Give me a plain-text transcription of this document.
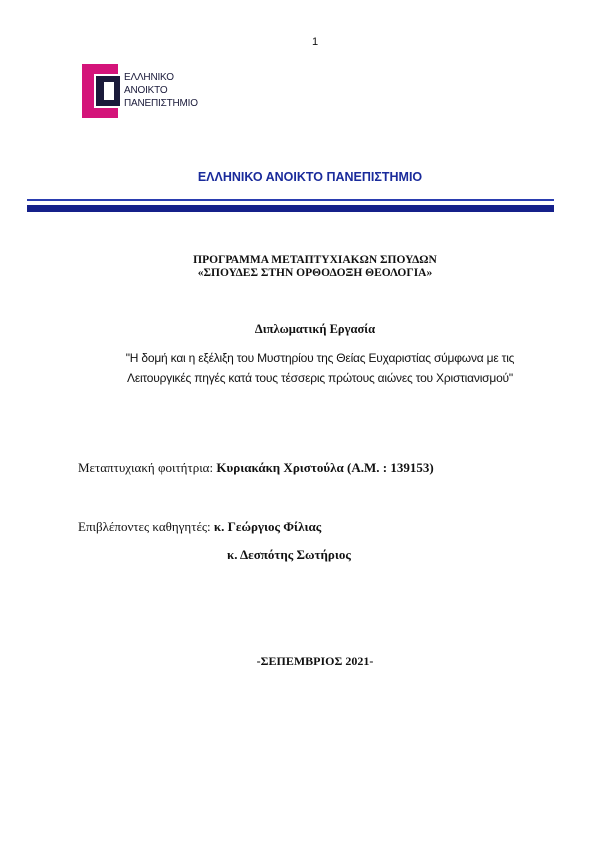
1
ΕΛΛΗΝΙΚΟ
ΑΝΟΙΚΤΟ
ΠΑΝΕΠΙΣΤΗΜΙΟ
ΕΛΛΗΝΙΚΟ ΑΝΟΙΚΤΟ ΠΑΝΕΠΙΣΤΗΜΙΟ
ΠΡΟΓΡΑΜΜΑ ΜΕΤΑΠΤΥΧΙΑΚΩΝ ΣΠΟΥΔΩΝ
«ΣΠΟΥΔΕΣ ΣΤΗΝ ΟΡΘΟΔΟΞΗ ΘΕΟΛΟΓΙΑ»
Διπλωματική Εργασία
"Η δομή και η εξέλιξη του Μυστηρίου της Θείας Ευχαριστίας σύμφωνα με τις
Λειτουργικές πηγές κατά τους τέσσερις πρώτους αιώνες του Χριστιανισμού"
Μεταπτυχιακή φοιτήτρια: Κυριακάκη Χριστούλα (Α.Μ. : 139153)
Επιβλέποντες καθηγητές: κ. Γεώργιος Φίλιας
κ. Δεσπότης Σωτήριος
-ΣΕΠΕΜΒΡΙΟΣ 2021-
